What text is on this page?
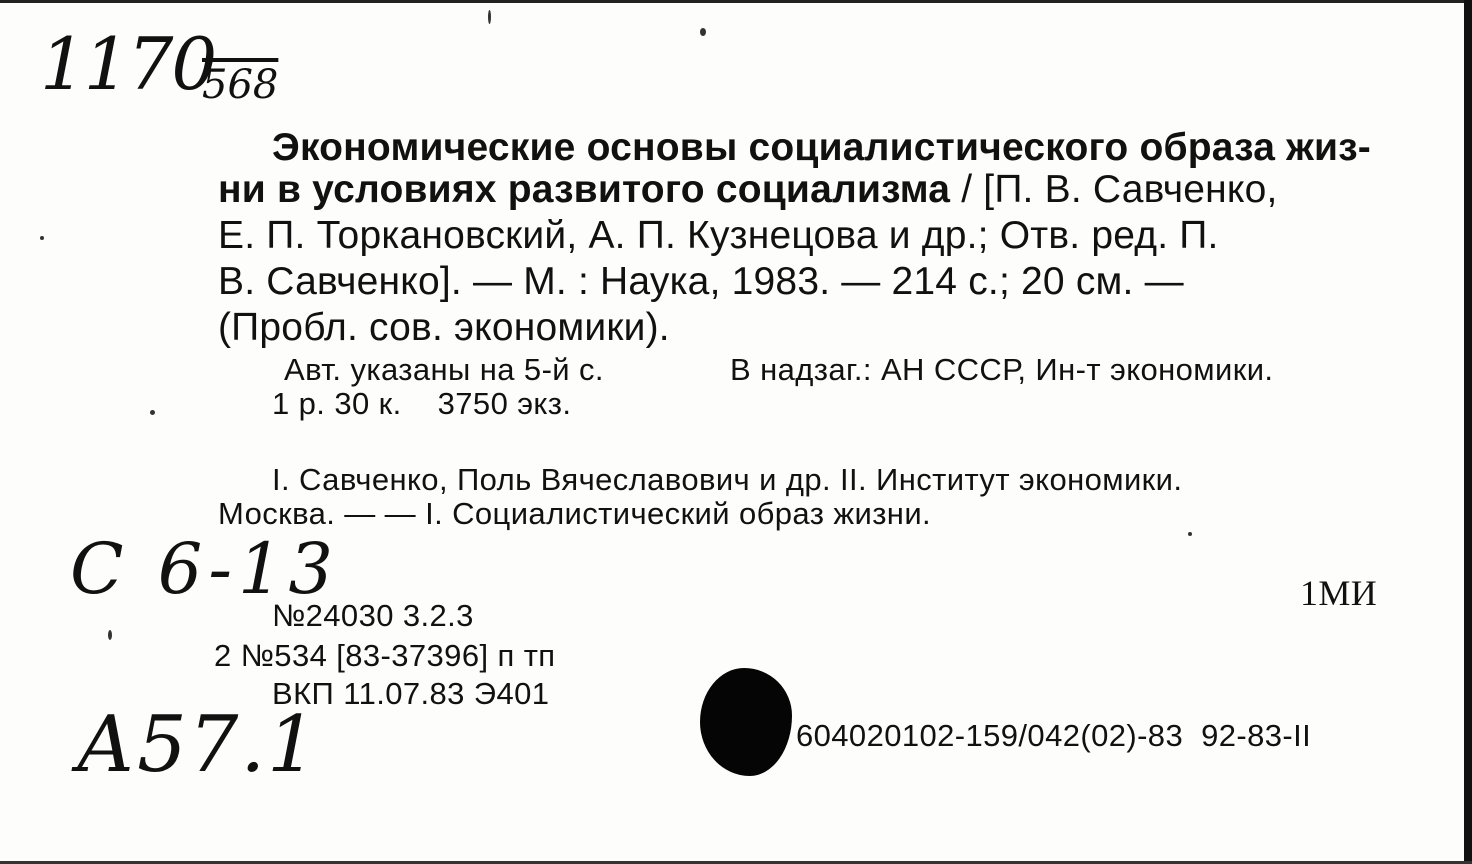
1170
568
Экономические основы социалистического образа жиз-
ни в условиях развитого социализма / [П. В. Савченко,
Е. П. Торкановский, А. П. Кузнецова и др.; Отв. ред. П.
В. Савченко]. — М. : Наука, 1983. — 214 с.; 20 см. —
(Пробл. сов. экономики).
Авт. указаны на 5-й с.	В надзаг.: АН СССР, Ин-т экономики.
1 р. 30 к.    3750 экз.
I. Савченко, Поль Вячеславович и др. II. Институт экономики.
Москва. — — I. Социалистический образ жизни.
С 6-13	1МИ
№24030 3.2.3
2 №534 [83-37396] п тп
ВКП 11.07.83 Э401
А57.1	604020102-159/042(02)-83  92-83-II
